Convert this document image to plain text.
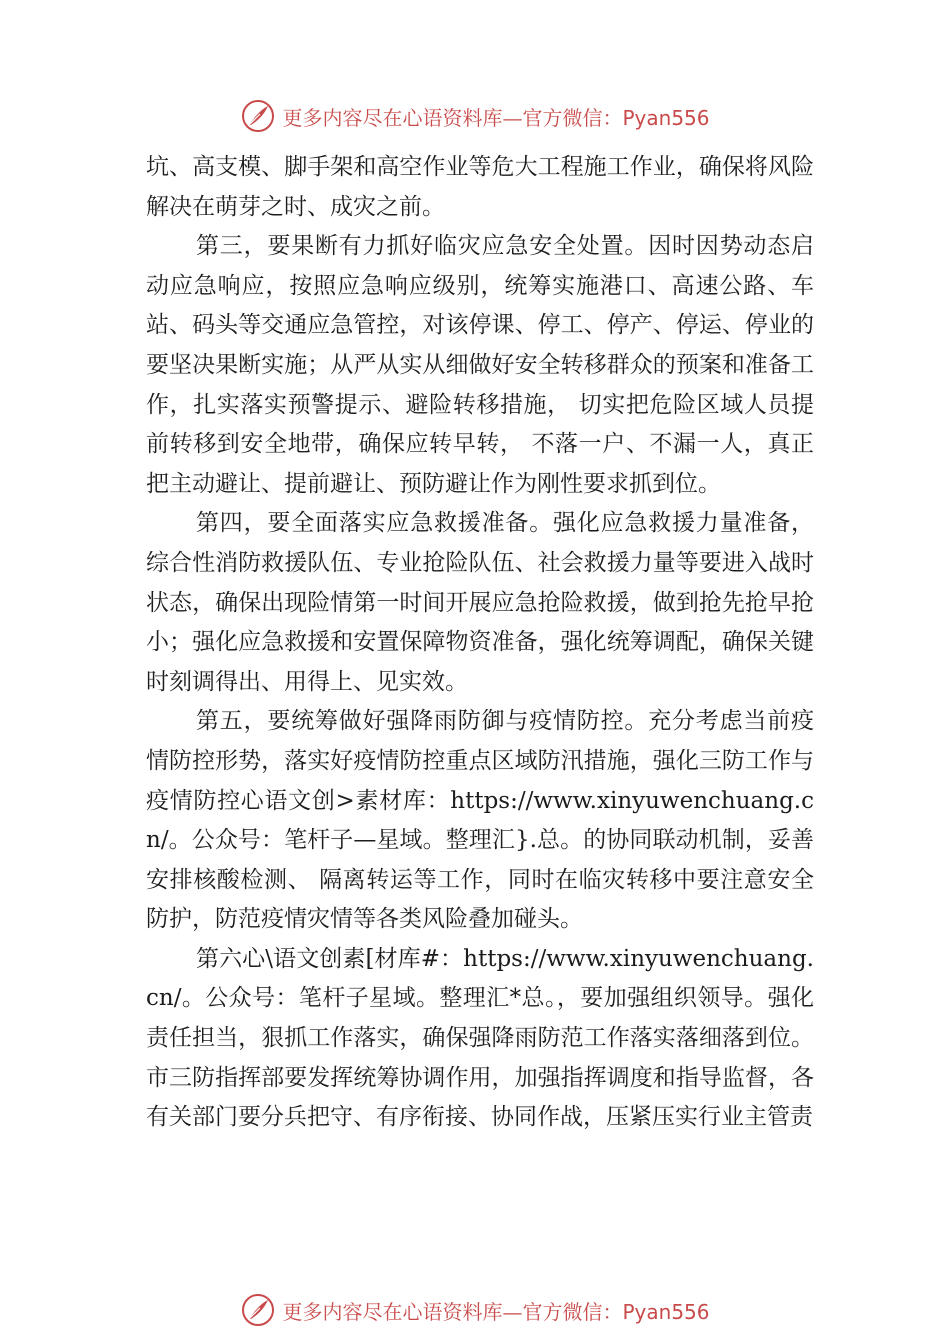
更多内容尽在心语资料库—官方微信：Pyan556

坑、高支模、脚手架和高空作业等危大工程施工作业，确保将风险解决在萌芽之时、成灾之前。

第三，要果断有力抓好临灾应急安全处置。因时因势动态启动应急响应，按照应急响应级别，统筹实施港口、高速公路、车站、码头等交通应急管控，对该停课、停工、停产、停运、停业的要坚决果断实施；从严从实从细做好安全转移群众的预案和准备工作，扎实落实预警提示、避险转移措施， 切实把危险区域人员提前转移到安全地带，确保应转早转， 不落一户、不漏一人，真正把主动避让、提前避让、预防避让作为刚性要求抓到位。

第四，要全面落实应急救援准备。强化应急救援力量准备，综合性消防救援队伍、专业抢险队伍、社会救援力量等要进入战时状态，确保出现险情第一时间开展应急抢险救援，做到抢先抢早抢小；强化应急救援和安置保障物资准备，强化统筹调配，确保关键时刻调得出、用得上、见实效。

第五，要统筹做好强降雨防御与疫情防控。充分考虑当前疫情防控形势，落实好疫情防控重点区域防汛措施，强化三防工作与疫情防控心语文创>素材库：https://www.xinyuwenchuang.cn/。公众号：笔杆子—星域。整理汇}.总。的协同联动机制，妥善安排核酸检测、 隔离转运等工作，同时在临灾转移中要注意安全防护，防范疫情灾情等各类风险叠加碰头。

第六心\语文创素[材库#：https://www.xinyuwenchuang.cn/。公众号：笔杆子星域。整理汇*总。，要加强组织领导。强化责任担当，狠抓工作落实，确保强降雨防范工作落实落细落到位。市三防指挥部要发挥统筹协调作用，加强指挥调度和指导监督，各有关部门要分兵把守、有序衔接、协同作战，压紧压实行业主管责

更多内容尽在心语资料库—官方微信：Pyan556
